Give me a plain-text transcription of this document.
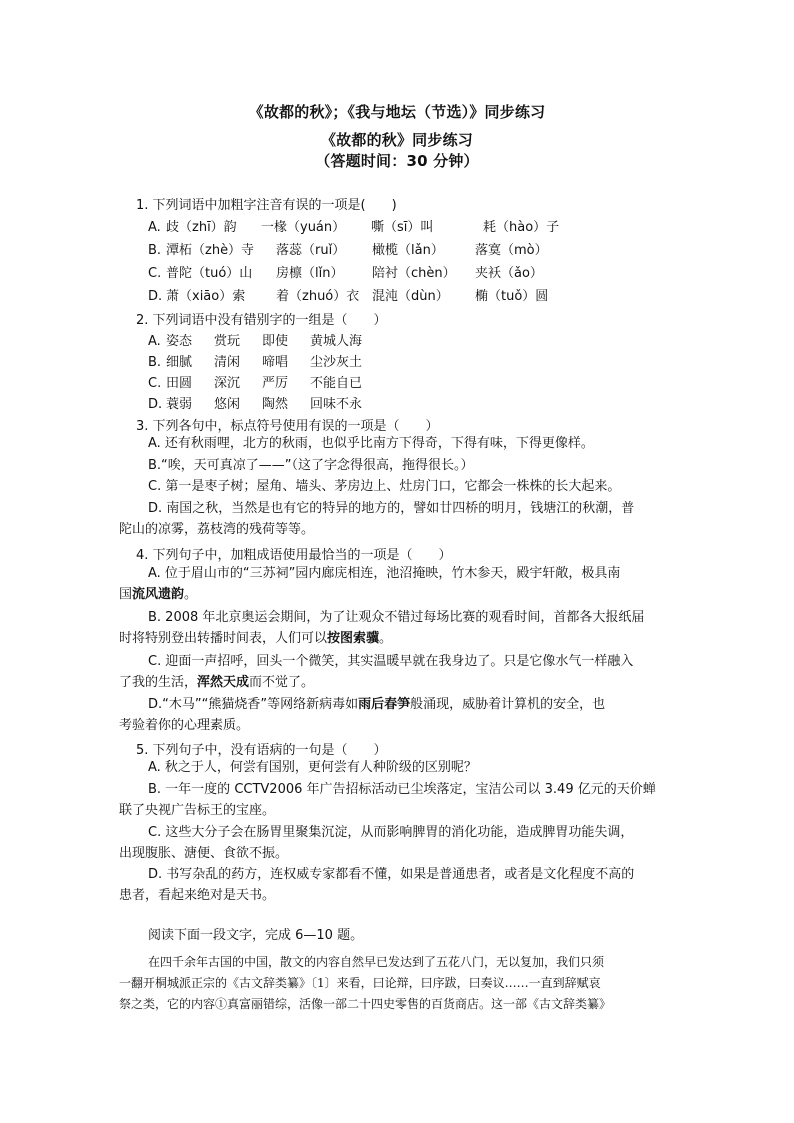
《故都的秋》；《我与地坛（节选）》同步练习
《故都的秋》同步练习
（答题时间：30 分钟）
1. 下列词语中加粗字注音有误的一项是(　　)
A. 歧（zhī）韵 一椽（yuán） 嘶（sī）叫	耗（hào）子
B. 潭柘（zhè）寺 落蕊（ruǐ） 橄榄（lǎn） 落寞（mò）
C. 普陀（tuó）山 房檩（lǐn） 陪衬（chèn） 夹袄（ǎo）
D. 萧（xiāo）索 着（zhuó）衣 混沌（dùn） 椭（tuǒ）圆
2. 下列词语中没有错别字的一组是（　　）
A. 姿态 赏玩 即使 黄城人海
B. 细腻 清闲 啼唱 尘沙灰土
C. 田圆 深沉 严厉 不能自已
D. 蓑弱 悠闲 陶然 回味不永
3. 下列各句中，标点符号使用有误的一项是（　　）
A. 还有秋雨哩，北方的秋雨，也似乎比南方下得奇，下得有味，下得更像样。
B.“唉，天可真凉了——”（这了字念得很高，拖得很长。）
C. 第一是枣子树；屋角、墙头、茅房边上、灶房门口，它都会一株株的长大起来。
D. 南国之秋，当然是也有它的特异的地方的，譬如廿四桥的明月，钱塘江的秋潮，普
陀山的凉雾，荔枝湾的残荷等等。
4. 下列句子中，加粗成语使用最恰当的一项是（　　）
A. 位于眉山市的“三苏祠”园内廊庑相连，池沼掩映，竹木参天，殿宇轩敞，极具南
国流风遗韵。
B. 2008 年北京奥运会期间，为了让观众不错过每场比赛的观看时间，首都各大报纸届
时将特别登出转播时间表，人们可以按图索骥。
C. 迎面一声招呼，回头一个微笑，其实温暖早就在我身边了。只是它像水气一样融入
了我的生活，浑然天成而不觉了。
D.“木马”“熊猫烧香”等网络新病毒如雨后春笋般涌现，威胁着计算机的安全，也
考验着你的心理素质。
5. 下列句子中，没有语病的一句是（　　）
A. 秋之于人，何尝有国别，更何尝有人种阶级的区别呢？
B. 一年一度的 CCTV2006 年广告招标活动已尘埃落定，宝洁公司以 3.49 亿元的天价蝉
联了央视广告标王的宝座。
C. 这些大分子会在肠胃里聚集沉淀，从而影响脾胃的消化功能，造成脾胃功能失调，
出现腹胀、溏便、食欲不振。
D. 书写杂乱的药方，连权威专家都看不懂，如果是普通患者，或者是文化程度不高的
患者，看起来绝对是天书。
阅读下面一段文字，完成 6—10 题。
在四千余年古国的中国，散文的内容自然早已发达到了五花八门，无以复加，我们只须
一翻开桐城派正宗的《古文辞类纂》〔1〕来看，曰论辩，曰序跋，曰奏议……一直到辞赋哀
祭之类，它的内容①真富丽错综，活像一部二十四史零售的百货商店。这一部《古文辞类纂》
